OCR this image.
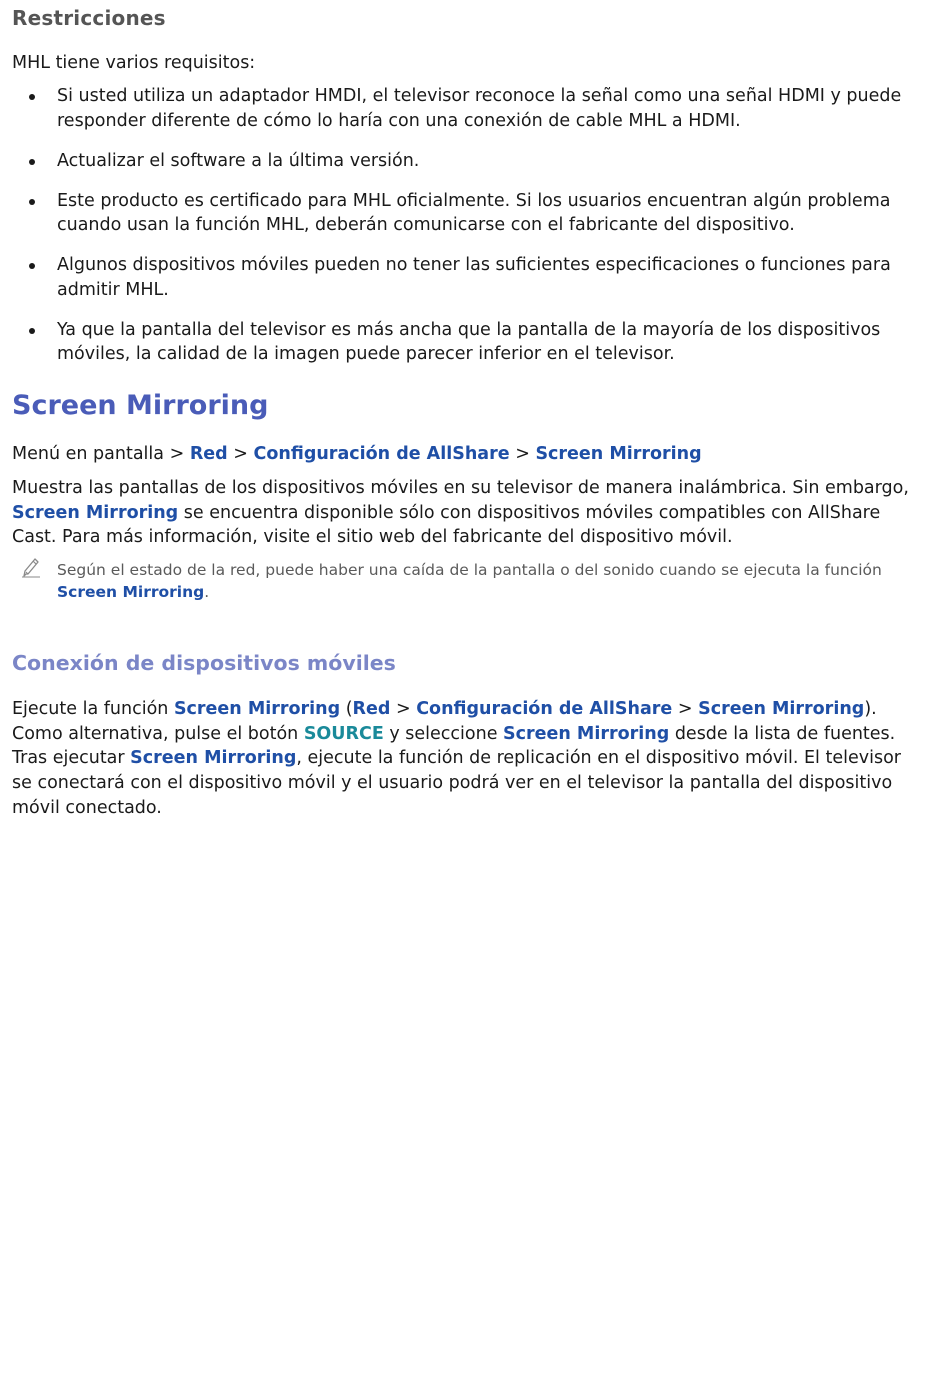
Restricciones
MHL tiene varios requisitos:
Si usted utiliza un adaptador HMDI, el televisor reconoce la señal como una señal HDMI y puede responder diferente de cómo lo haría con una conexión de cable MHL a HDMI.
Actualizar el software a la última versión.
Este producto es certificado para MHL oficialmente. Si los usuarios encuentran algún problema cuando usan la función MHL, deberán comunicarse con el fabricante del dispositivo.
Algunos dispositivos móviles pueden no tener las suficientes especificaciones o funciones para admitir MHL.
Ya que la pantalla del televisor es más ancha que la pantalla de la mayoría de los dispositivos móviles, la calidad de la imagen puede parecer inferior en el televisor.
Screen Mirroring
Menú en pantalla > Red > Configuración de AllShare > Screen Mirroring
Muestra las pantallas de los dispositivos móviles en su televisor de manera inalámbrica. Sin embargo, Screen Mirroring se encuentra disponible sólo con dispositivos móviles compatibles con AllShare Cast. Para más información, visite el sitio web del fabricante del dispositivo móvil.
Según el estado de la red, puede haber una caída de la pantalla o del sonido cuando se ejecuta la función Screen Mirroring.
Conexión de dispositivos móviles
Ejecute la función Screen Mirroring (Red > Configuración de AllShare > Screen Mirroring). Como alternativa, pulse el botón SOURCE y seleccione Screen Mirroring desde la lista de fuentes. Tras ejecutar Screen Mirroring, ejecute la función de replicación en el dispositivo móvil. El televisor se conectará con el dispositivo móvil y el usuario podrá ver en el televisor la pantalla del dispositivo móvil conectado.
